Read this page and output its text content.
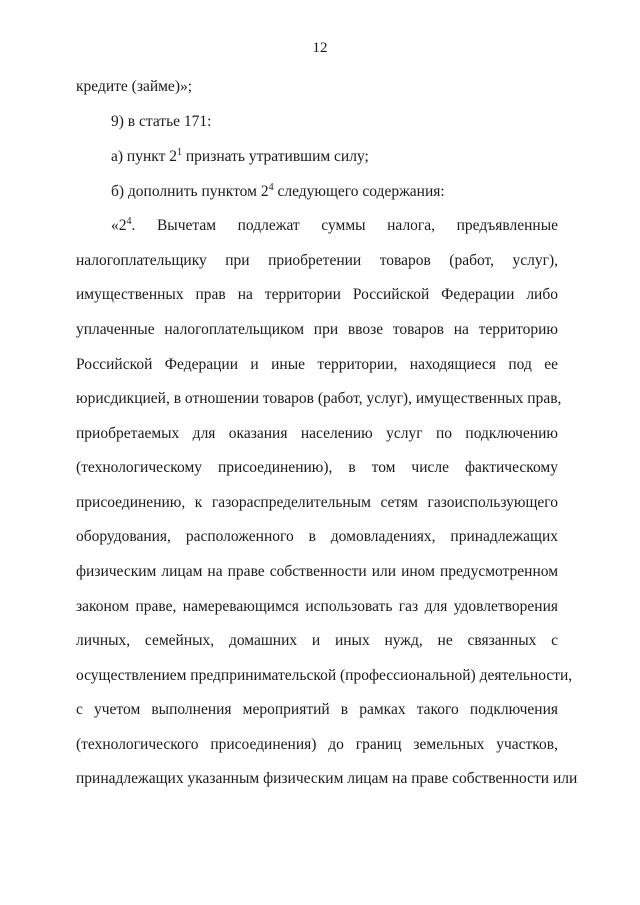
12
кредите (займе)»;
9) в статье 171:
а) пункт $2^1$ признать утратившим силу;
б) дополнить пунктом $2^4$ следующего содержания:
«$2^4$. Вычетам подлежат суммы налога, предъявленные
налогоплательщику при приобретении товаров (работ, услуг),
имущественных прав на территории Российской Федерации либо
уплаченные налогоплательщиком при ввозе товаров на территорию
Российской Федерации и иные территории, находящиеся под ее
юрисдикцией, в отношении товаров (работ, услуг), имущественных прав,
приобретаемых для оказания населению услуг по подключению
(технологическому присоединению), в том числе фактическому
присоединению, к газораспределительным сетям газоиспользующего
оборудования, расположенного в домовладениях, принадлежащих
физическим лицам на праве собственности или ином предусмотренном
законом праве, намеревающимся использовать газ для удовлетворения
личных, семейных, домашних и иных нужд, не связанных с
осуществлением предпринимательской (профессиональной) деятельности,
с учетом выполнения мероприятий в рамках такого подключения
(технологического присоединения) до границ земельных участков,
принадлежащих указанным физическим лицам на праве собственности или
